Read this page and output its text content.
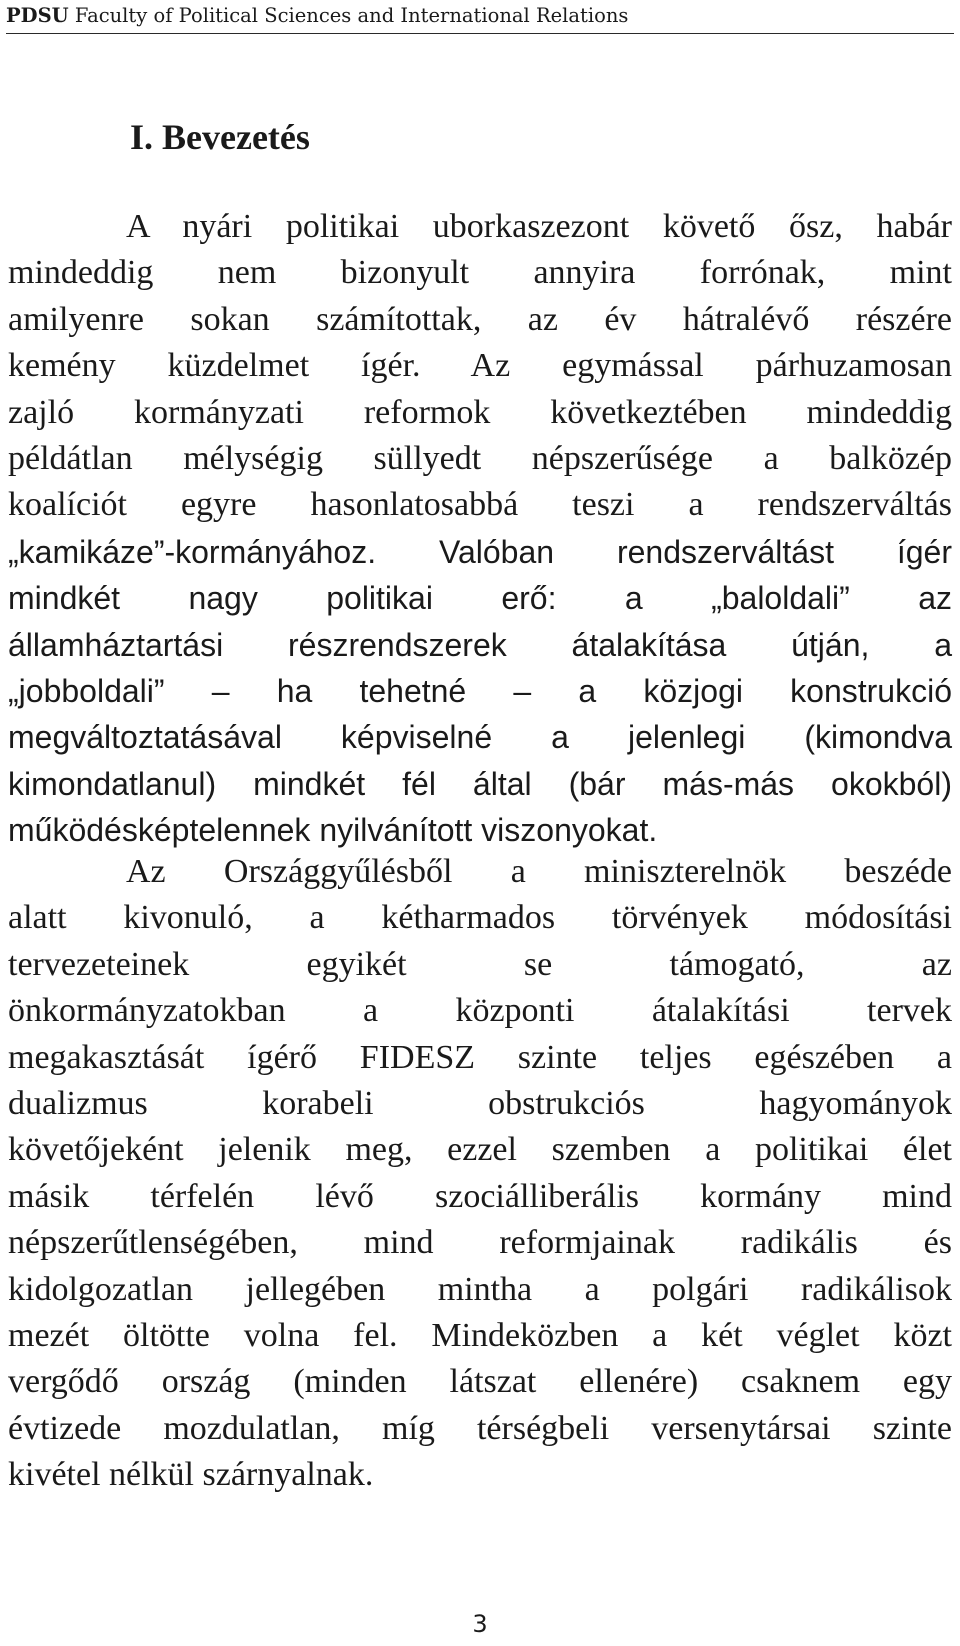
PDSU Faculty of Political Sciences and International Relations
I. Bevezetés
A nyári politikai uborkaszezont követő ősz, habár
mindeddig nem bizonyult annyira forrónak, mint
amilyenre sokan számítottak, az év hátralévő részére
kemény küzdelmet ígér. Az egymással párhuzamosan
zajló kormányzati reformok következtében mindeddig
példátlan mélységig süllyedt népszerűsége a balközép
koalíciót egyre hasonlatosabbá teszi a rendszerváltás
„kamikáze”-kormányához. Valóban rendszerváltást ígér
mindkét nagy politikai erő: a „baloldali” az
államháztartási részrendszerek átalakítása útján, a
„jobboldali” – ha tehetné – a közjogi konstrukció
megváltoztatásával képviselné a jelenlegi (kimondva
kimondatlanul) mindkét fél által (bár más-más okokból)
működésképtelennek nyilvánított viszonyokat.
Az Országgyűlésből a miniszterelnök beszéde
alatt kivonuló, a kétharmados törvények módosítási
tervezeteinek egyikét se támogató, az
önkormányzatokban a központi átalakítási tervek
megakasztását ígérő FIDESZ szinte teljes egészében a
dualizmus korabeli obstrukciós hagyományok
követőjeként jelenik meg, ezzel szemben a politikai élet
másik térfelén lévő szociálliberális kormány mind
népszerűtlenségében, mind reformjainak radikális és
kidolgozatlan jellegében mintha a polgári radikálisok
mezét öltötte volna fel. Mindeközben a két véglet közt
vergődő ország (minden látszat ellenére) csaknem egy
évtizede mozdulatlan, míg térségbeli versenytársai szinte
kivétel nélkül szárnyalnak.
3
